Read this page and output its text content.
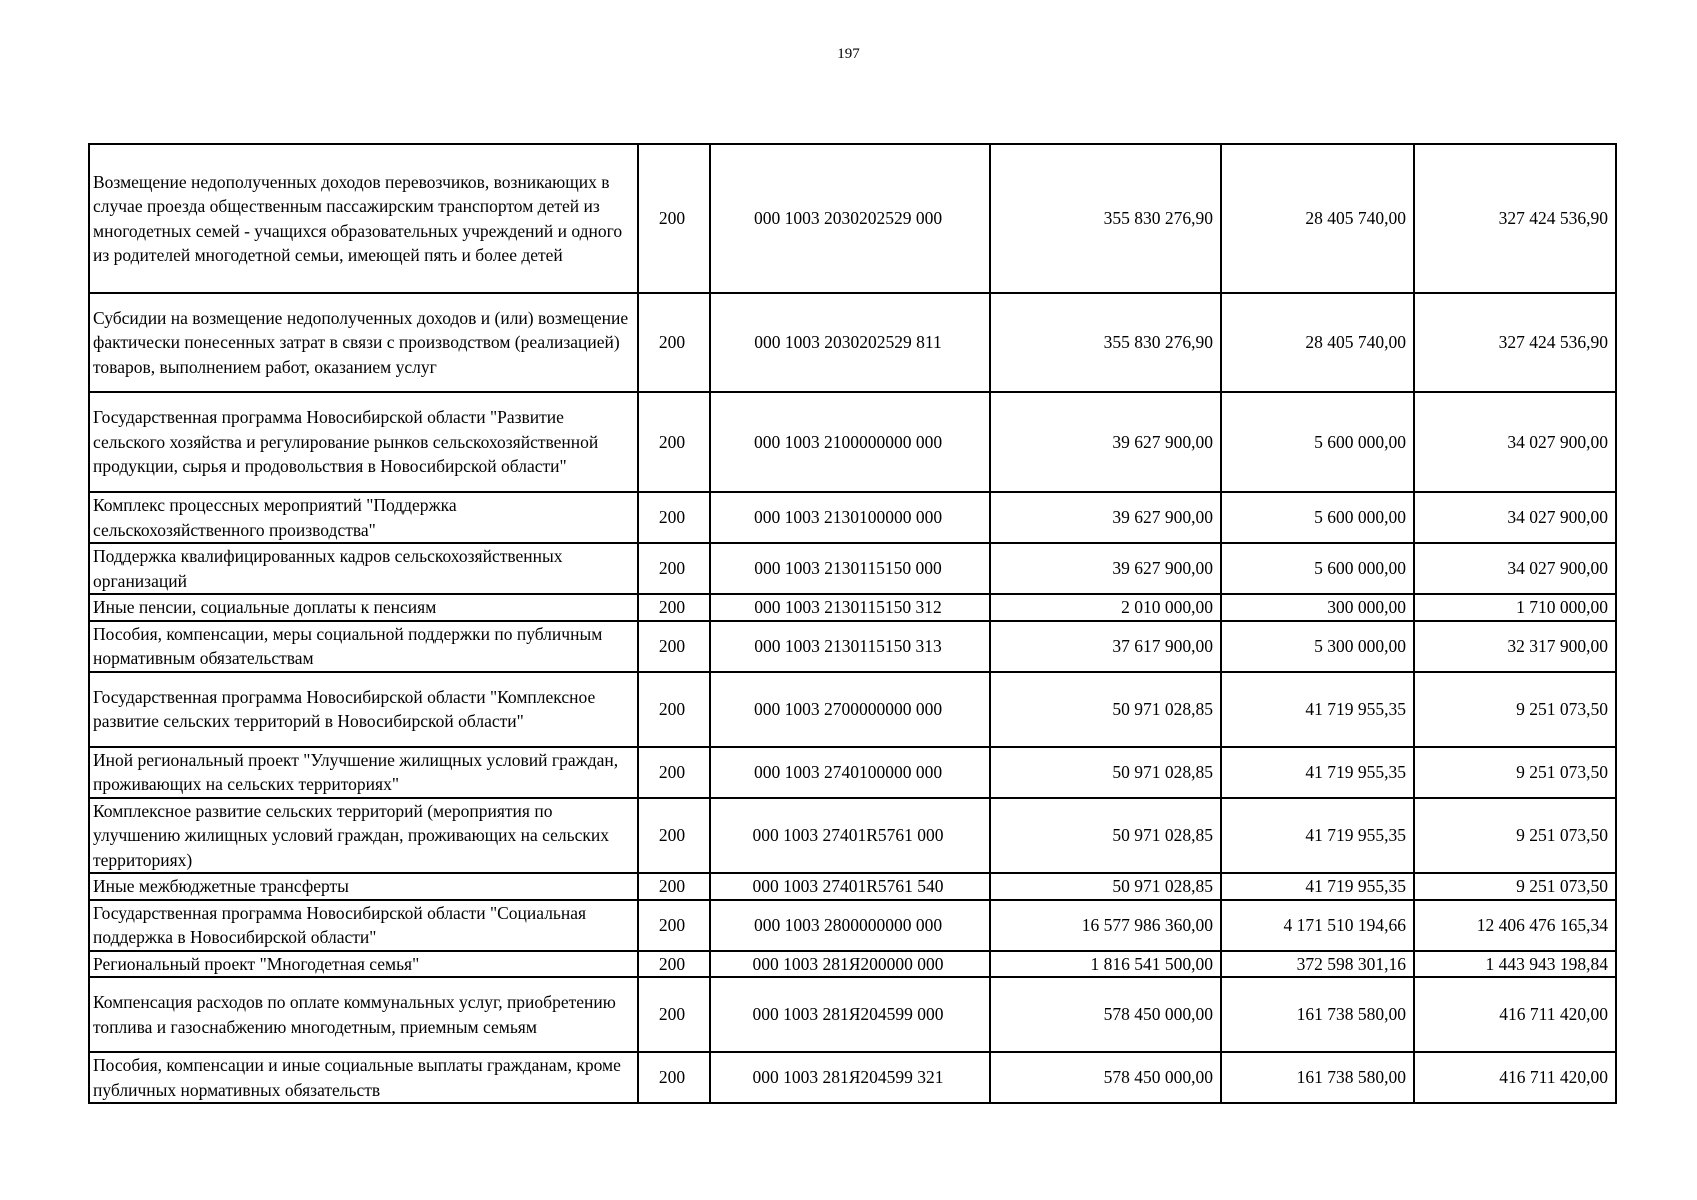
197
Возмещение недополученных доходов перевозчиков, возникающих в случае проезда общественным пассажирским транспортом детей из многодетных семей - учащихся образовательных учреждений и одного из родителей многодетной семьи, имеющей пять и более детей	200	000 1003 2030202529 000	355 830 276,90	28 405 740,00	327 424 536,90
Субсидии на возмещение недополученных доходов и (или) возмещение фактически понесенных затрат в связи с производством (реализацией) товаров, выполнением работ, оказанием услуг	200	000 1003 2030202529 811	355 830 276,90	28 405 740,00	327 424 536,90
Государственная программа Новосибирской области "Развитие сельского хозяйства и регулирование рынков сельскохозяйственной продукции, сырья и продовольствия в Новосибирской области"	200	000 1003 2100000000 000	39 627 900,00	5 600 000,00	34 027 900,00
Комплекс процессных мероприятий "Поддержка сельскохозяйственного производства"	200	000 1003 2130100000 000	39 627 900,00	5 600 000,00	34 027 900,00
Поддержка квалифицированных кадров сельскохозяйственных организаций	200	000 1003 2130115150 000	39 627 900,00	5 600 000,00	34 027 900,00
Иные пенсии, социальные доплаты к пенсиям	200	000 1003 2130115150 312	2 010 000,00	300 000,00	1 710 000,00
Пособия, компенсации, меры социальной поддержки по публичным нормативным обязательствам	200	000 1003 2130115150 313	37 617 900,00	5 300 000,00	32 317 900,00
Государственная программа Новосибирской области "Комплексное развитие сельских территорий в Новосибирской области"	200	000 1003 2700000000 000	50 971 028,85	41 719 955,35	9 251 073,50
Иной региональный проект "Улучшение жилищных условий граждан, проживающих на сельских территориях"	200	000 1003 2740100000 000	50 971 028,85	41 719 955,35	9 251 073,50
Комплексное развитие сельских территорий (мероприятия по улучшению жилищных условий граждан, проживающих на сельских территориях)	200	000 1003 27401R5761 000	50 971 028,85	41 719 955,35	9 251 073,50
Иные межбюджетные трансферты	200	000 1003 27401R5761 540	50 971 028,85	41 719 955,35	9 251 073,50
Государственная программа Новосибирской области "Социальная поддержка в Новосибирской области"	200	000 1003 2800000000 000	16 577 986 360,00	4 171 510 194,66	12 406 476 165,34
Региональный проект "Многодетная семья"	200	000 1003 281Я200000 000	1 816 541 500,00	372 598 301,16	1 443 943 198,84
Компенсация расходов по оплате коммунальных услуг, приобретению топлива и газоснабжению многодетным, приемным семьям	200	000 1003 281Я204599 000	578 450 000,00	161 738 580,00	416 711 420,00
Пособия, компенсации и иные социальные выплаты гражданам, кроме публичных нормативных обязательств	200	000 1003 281Я204599 321	578 450 000,00	161 738 580,00	416 711 420,00
